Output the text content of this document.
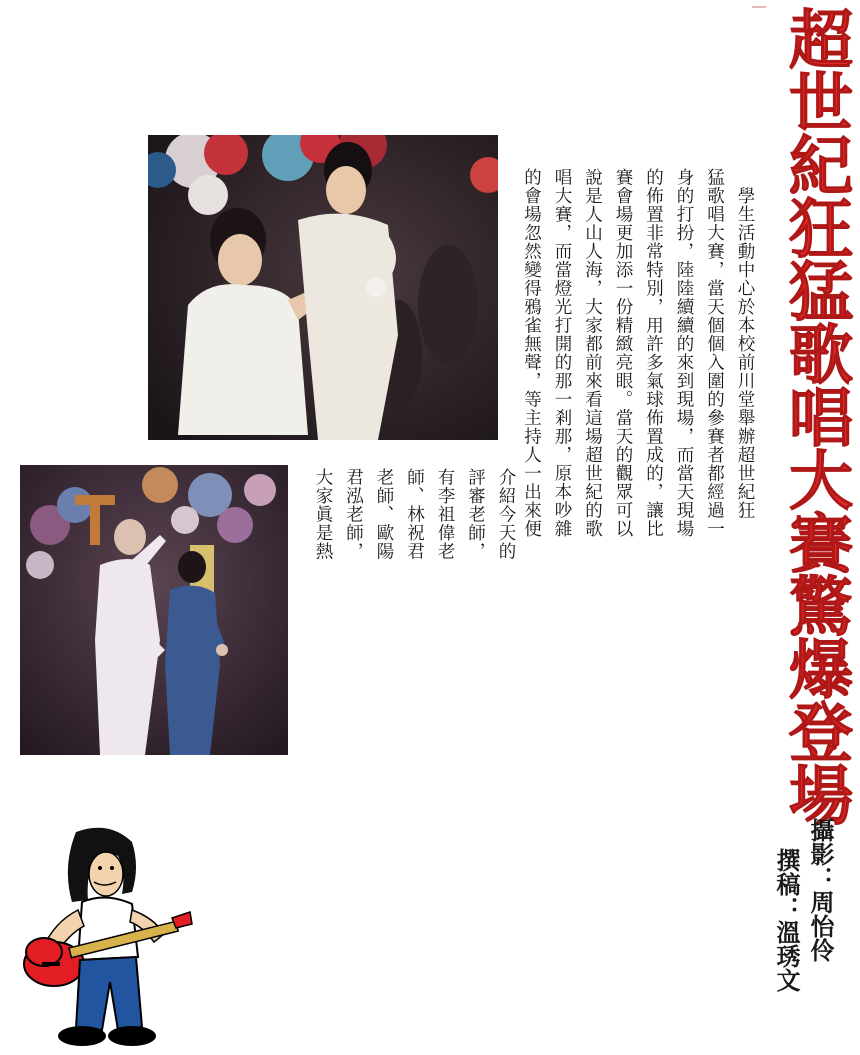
超世紀狂猛歌唱大賽驚爆登場
攝影：周怡伶
撰稿：溫琇文
　學生活動中心於本校前川堂舉辦超世紀狂
猛歌唱大賽，當天個個入圍的參賽者都經過一
身的打扮，陸陸續續的來到現場，而當天現場
的佈置非常特別，用許多氣球佈置成的，讓比
賽會場更加添一份精緻亮眼。當天的觀眾可以
說是人山人海，大家都前來看這場超世紀的歌
唱大賽，而當燈光打開的那一剎那，原本吵雜
的會場忽然變得鴉雀無聲，等主持人一出來便
介紹今天的
評審老師，
有李祖偉老
師、林祝君
老師、歐陽
君泓老師，
大家眞是熱
